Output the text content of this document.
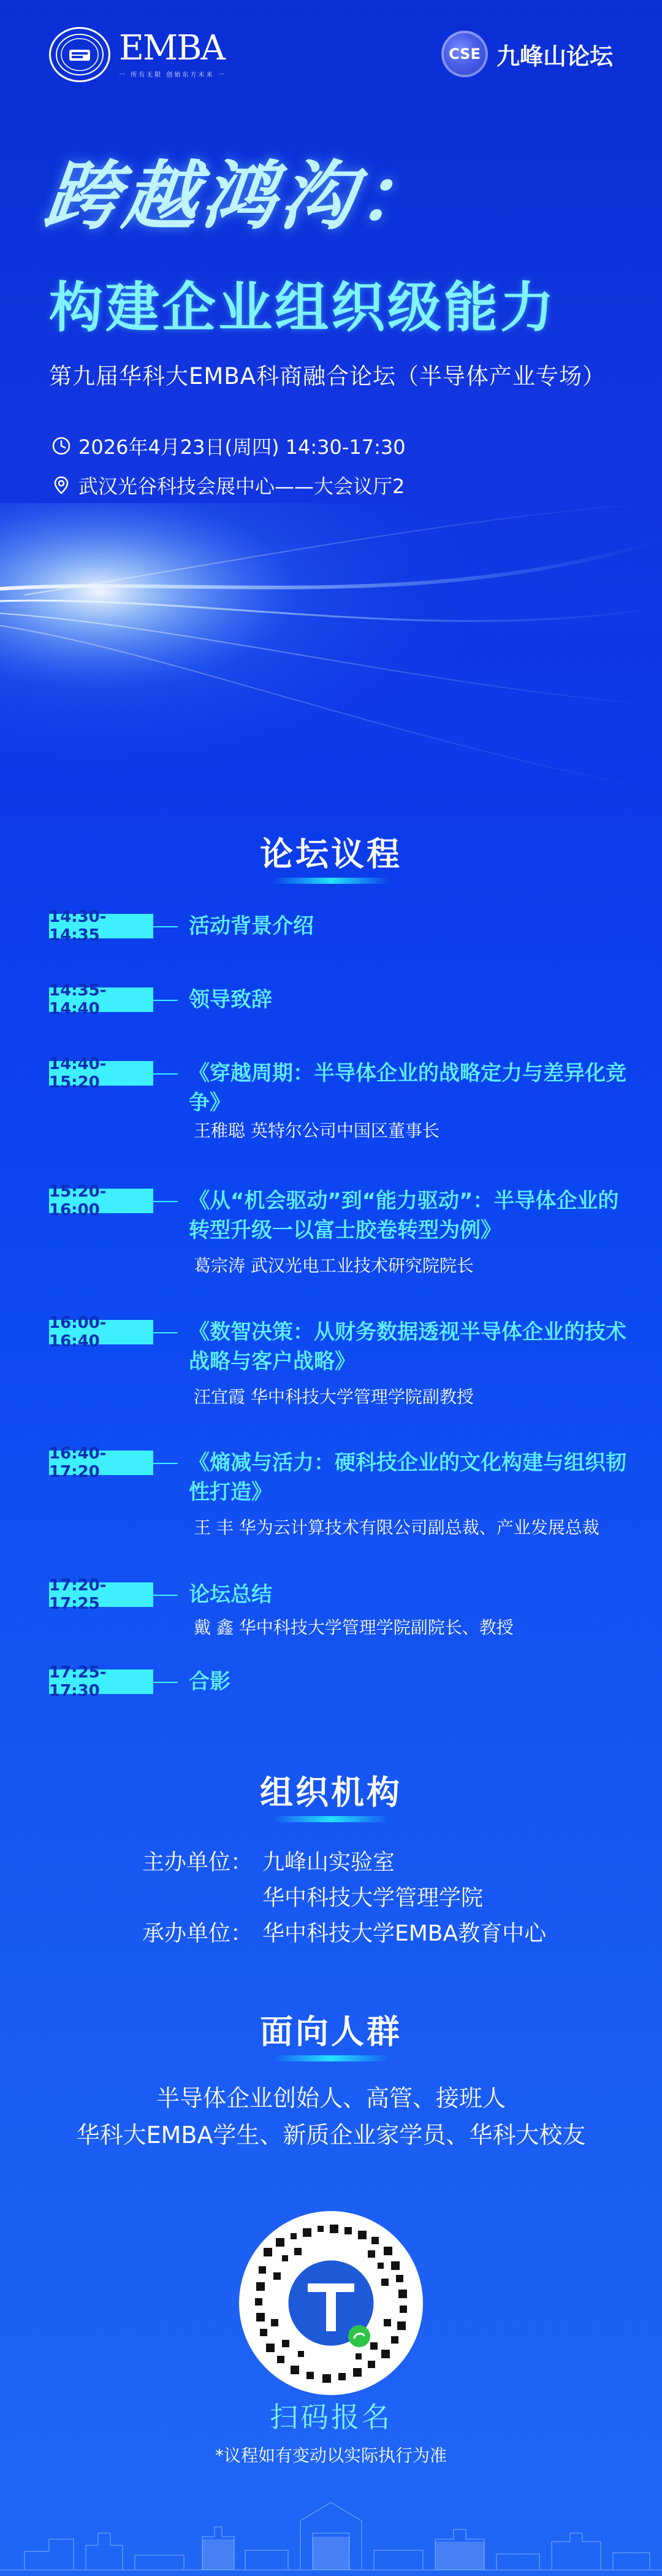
EMBA
一 所有无限 创始东方未来 一
CSE 九峰山论坛
跨越鸿沟：
构建企业组织级能力
第九届华科大EMBA科商融合论坛（半导体产业专场）
2026年4月23日(周四) 14:30-17:30
武汉光谷科技会展中心——大会议厅2
论坛议程
14:30-14:35	活动背景介绍
14:35-14:40	领导致辞
14:40-15:20	《穿越周期：半导体企业的战略定力与差异化竞争》
王稚聪 英特尔公司中国区董事长
15:20-16:00	《从“机会驱动”到“能力驱动”：半导体企业的转型升级一以富士胶卷转型为例》
葛宗涛 武汉光电工业技术研究院院长
16:00-16:40	《数智决策：从财务数据透视半导体企业的技术战略与客户战略》
汪宜霞 华中科技大学管理学院副教授
16:40-17:20	《熵减与活力：硬科技企业的文化构建与组织韧性打造》
王 丰 华为云计算技术有限公司副总裁、产业发展总裁
17:20-17:25	论坛总结
戴 鑫 华中科技大学管理学院副院长、教授
17:25-17:30	合影
组织机构
主办单位： 九峰山实验室
华中科技大学管理学院
承办单位： 华中科技大学EMBA教育中心
面向人群
半导体企业创始人、高管、接班人
华科大EMBA学生、新质企业家学员、华科大校友
扫码报名
*议程如有变动以实际执行为准
